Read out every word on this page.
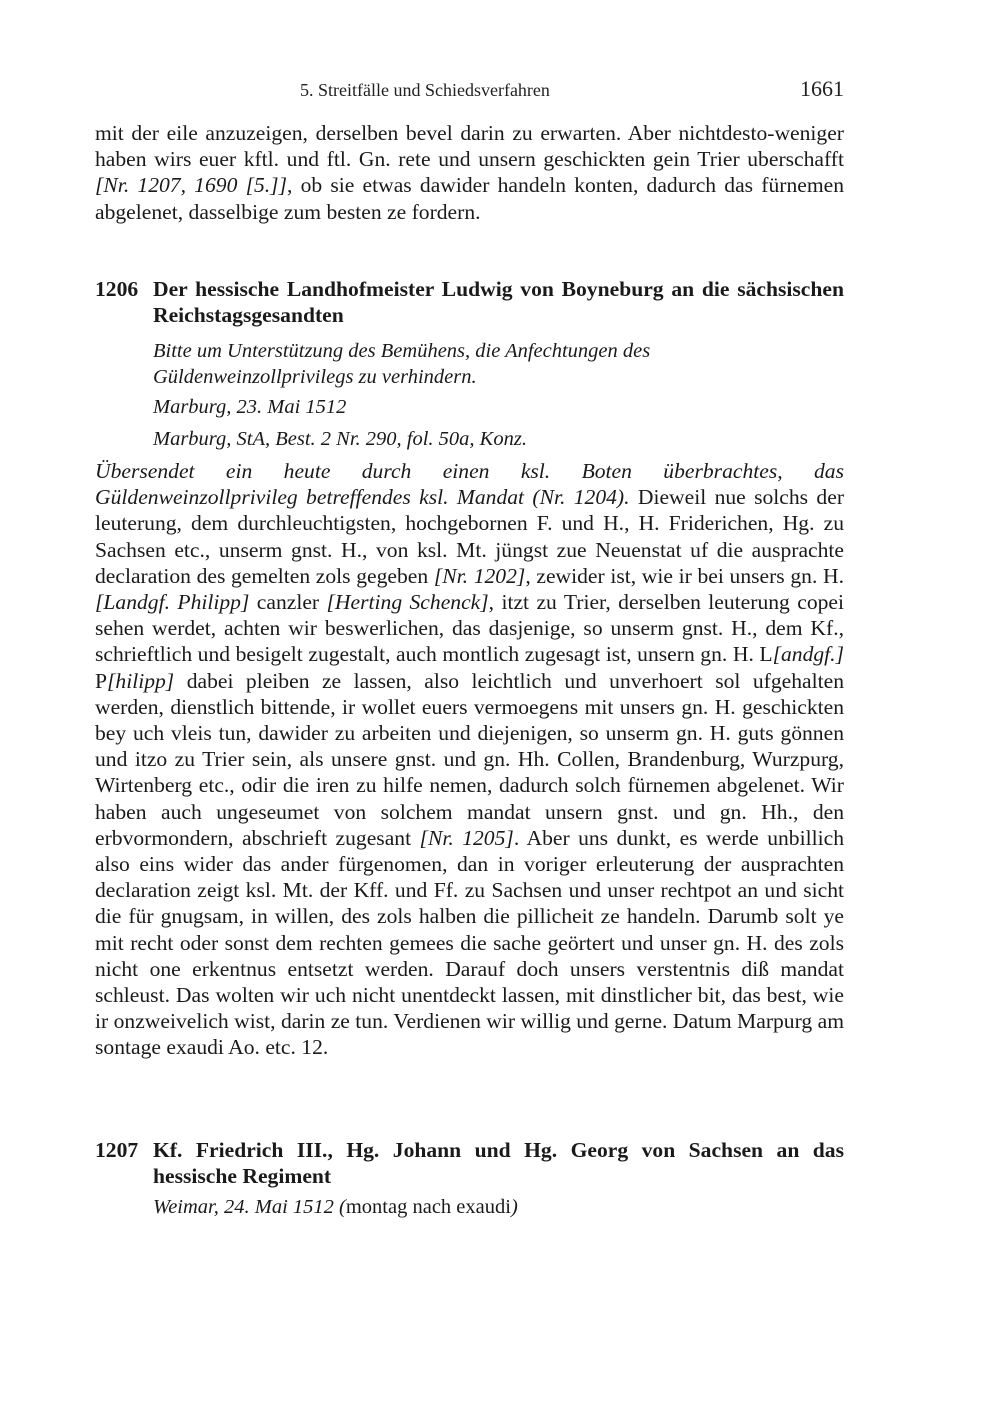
5. Streitfälle und Schiedsverfahren	1661
mit der eile anzuzeigen, derselben bevel darin zu erwarten. Aber nichtdesto-weniger haben wirs euer kftl. und ftl. Gn. rete und unsern geschickten gein Trier uberschafft [Nr. 1207, 1690 [5.]], ob sie etwas dawider handeln konten, dadurch das fürnemen abgelenet, dasselbige zum besten ze fordern.
1206 Der hessische Landhofmeister Ludwig von Boyneburg an die sächsischen Reichstagsgesandten
Bitte um Unterstützung des Bemühens, die Anfechtungen des Güldenweinzollprivilegs zu verhindern.
Marburg, 23. Mai 1512
Marburg, StA, Best. 2 Nr. 290, fol. 50a, Konz.
Übersendet ein heute durch einen ksl. Boten überbrachtes, das Güldenweinzollprivileg betreffendes ksl. Mandat (Nr. 1204). Dieweil nue solchs der leuterung, dem durchleuchtigsten, hochgebornen F. und H., H. Friderichen, Hg. zu Sachsen etc., unserm gnst. H., von ksl. Mt. jüngst zue Neuenstat uf die ausprachte declaration des gemelten zols gegeben [Nr. 1202], zewider ist, wie ir bei unsers gn. H. [Landgf. Philipp] canzler [Herting Schenck], itzt zu Trier, derselben leuterung copei sehen werdet, achten wir beswerlichen, das dasjenige, so unserm gnst. H., dem Kf., schrieftlich und besigelt zugestalt, auch montlich zugesagt ist, unsern gn. H. L[andgf.] P[hilipp] dabei pleiben ze lassen, also leichtlich und unverhoert sol ufgehalten werden, dienstlich bittende, ir wollet euers vermoegens mit unsers gn. H. geschickten bey uch vleis tun, dawider zu arbeiten und diejenigen, so unserm gn. H. guts gönnen und itzo zu Trier sein, als unsere gnst. und gn. Hh. Collen, Brandenburg, Wurzpurg, Wirtenberg etc., odir die iren zu hilfe nemen, dadurch solch fürnemen abgelenet. Wir haben auch ungeseumet von solchem mandat unsern gnst. und gn. Hh., den erbvormondern, abschrieft zugesant [Nr. 1205]. Aber uns dunkt, es werde unbillich also eins wider das ander fürgenomen, dan in voriger erleuterung der ausprachten declaration zeigt ksl. Mt. der Kff. und Ff. zu Sachsen und unser rechtpot an und sicht die für gnugsam, in willen, des zols halben die pillicheit ze handeln. Darumb solt ye mit recht oder sonst dem rechten gemees die sache geörtert und unser gn. H. des zols nicht one erkentnus entsetzt werden. Darauf doch unsers verstentnis diß mandat schleust. Das wolten wir uch nicht unentdeckt lassen, mit dinstlicher bit, das best, wie ir onzweivelich wist, darin ze tun. Verdienen wir willig und gerne. Datum Marpurg am sontage exaudi Ao. etc. 12.
1207 Kf. Friedrich III., Hg. Johann und Hg. Georg von Sachsen an das hessische Regiment
Weimar, 24. Mai 1512 (montag nach exaudi)
